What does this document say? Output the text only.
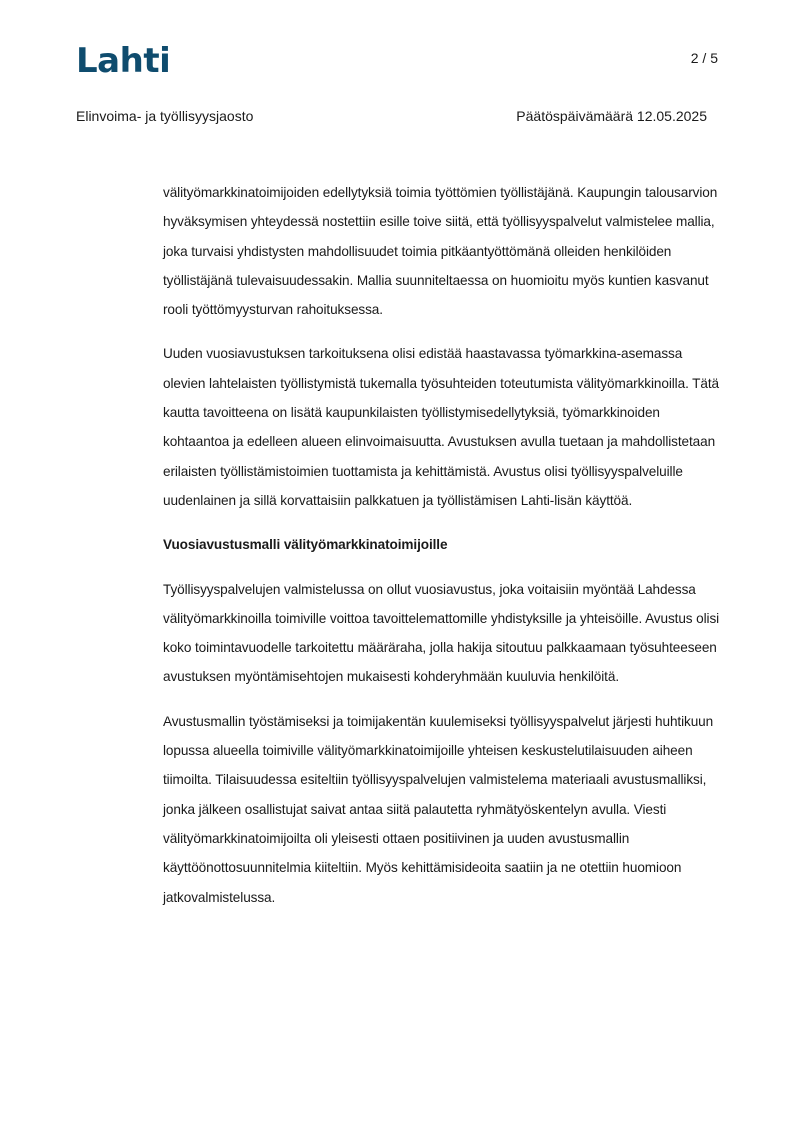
Lahti	2 / 5
Elinvoima- ja työllisyysjaosto	Päätöspäivämäärä 12.05.2025

välityömarkkinatoimijoiden edellytyksiä toimia työttömien työllistäjänä. Kaupungin talousarvion hyväksymisen yhteydessä nostettiin esille toive siitä, että työllisyyspalvelut valmistelee mallia, joka turvaisi yhdistysten mahdollisuudet toimia pitkäantyöttömänä olleiden henkilöiden työllistäjänä tulevaisuudessakin. Mallia suunniteltaessa on huomioitu myös kuntien kasvanut rooli työttömyysturvan rahoituksessa.

Uuden vuosiavustuksen tarkoituksena olisi edistää haastavassa työmarkkina-asemassa olevien lahtelaisten työllistymistä tukemalla työsuhteiden toteutumista välityömarkkinoilla. Tätä kautta tavoitteena on lisätä kaupunkilaisten työllistymisedellytyksiä, työmarkkinoiden kohtaantoa ja edelleen alueen elinvoimaisuutta. Avustuksen avulla tuetaan ja mahdollistetaan erilaisten työllistämistoimien tuottamista ja kehittämistä. Avustus olisi työllisyyspalveluille uudenlainen ja sillä korvattaisiin palkkatuen ja työllistämisen Lahti-lisän käyttöä.

Vuosiavustusmalli välityömarkkinatoimijoille

Työllisyyspalvelujen valmistelussa on ollut vuosiavustus, joka voitaisiin myöntää Lahdessa välityömarkkinoilla toimiville voittoa tavoittelemattomille yhdistyksille ja yhteisöille. Avustus olisi koko toimintavuodelle tarkoitettu määräraha, jolla hakija sitoutuu palkkaamaan työsuhteeseen avustuksen myöntämisehtojen mukaisesti kohderyhmään kuuluvia henkilöitä.

Avustusmallin työstämiseksi ja toimijakentän kuulemiseksi työllisyyspalvelut järjesti huhtikuun lopussa alueella toimiville välityömarkkinatoimijoille yhteisen keskustelutilaisuuden aiheen tiimoilta. Tilaisuudessa esiteltiin työllisyyspalvelujen valmistelema materiaali avustusmalliksi, jonka jälkeen osallistujat saivat antaa siitä palautetta ryhmätyöskentelyn avulla. Viesti välityömarkkinatoimijoilta oli yleisesti ottaen positiivinen ja uuden avustusmallin käyttöönottosuunnitelmia kiiteltiin. Myös kehittämisideoita saatiin ja ne otettiin huomioon jatkovalmistelussa.
